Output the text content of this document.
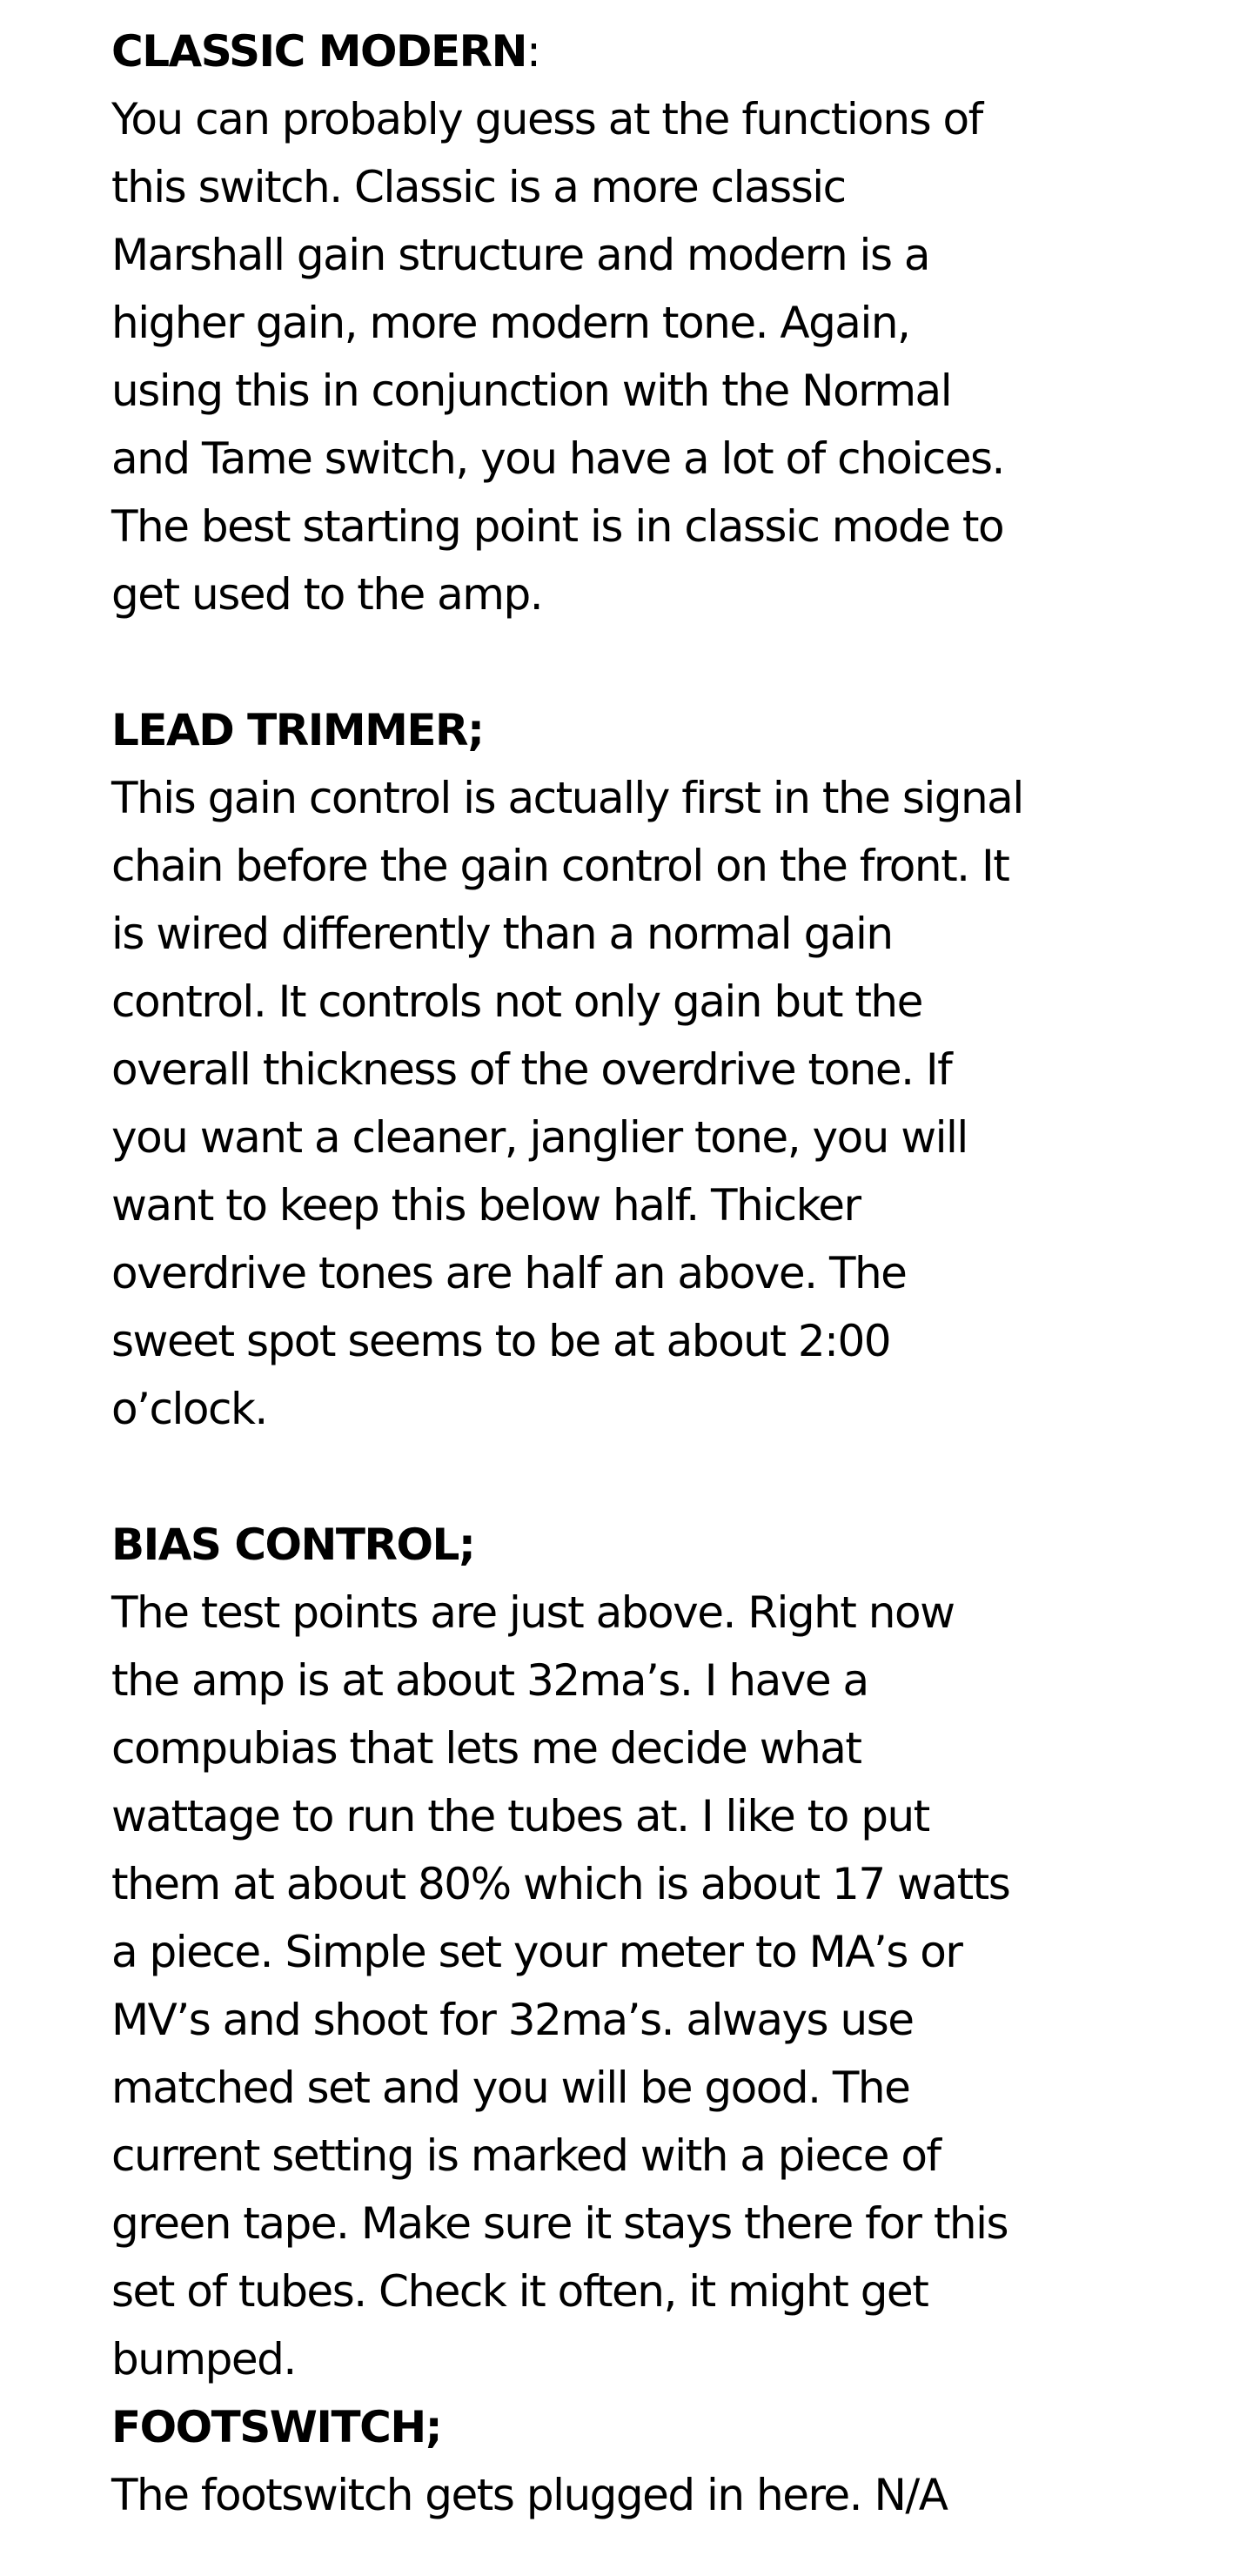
CLASSIC MODERN:
You can probably guess at the functions of
this switch. Classic is a more classic
Marshall gain structure and modern is a
higher gain, more modern tone. Again,
using this in conjunction with the Normal
and Tame switch, you have a lot of choices.
The best starting point is in classic mode to
get used to the amp.
LEAD TRIMMER;
This gain control is actually first in the signal
chain before the gain control on the front. It
is wired differently than a normal gain
control. It controls not only gain but the
overall thickness of the overdrive tone. If
you want a cleaner, janglier tone, you will
want to keep this below half. Thicker
overdrive tones are half an above. The
sweet spot seems to be at about 2:00
o’clock.
BIAS CONTROL;
The test points are just above. Right now
the amp is at about 32ma’s. I have a
compubias that lets me decide what
wattage to run the tubes at. I like to put
them at about 80% which is about 17 watts
a piece. Simple set your meter to MA’s or
MV’s and shoot for 32ma’s. always use
matched set and you will be good. The
current setting is marked with a piece of
green tape. Make sure it stays there for this
set of tubes. Check it often, it might get
bumped.
FOOTSWITCH;
The footswitch gets plugged in here. N/A
